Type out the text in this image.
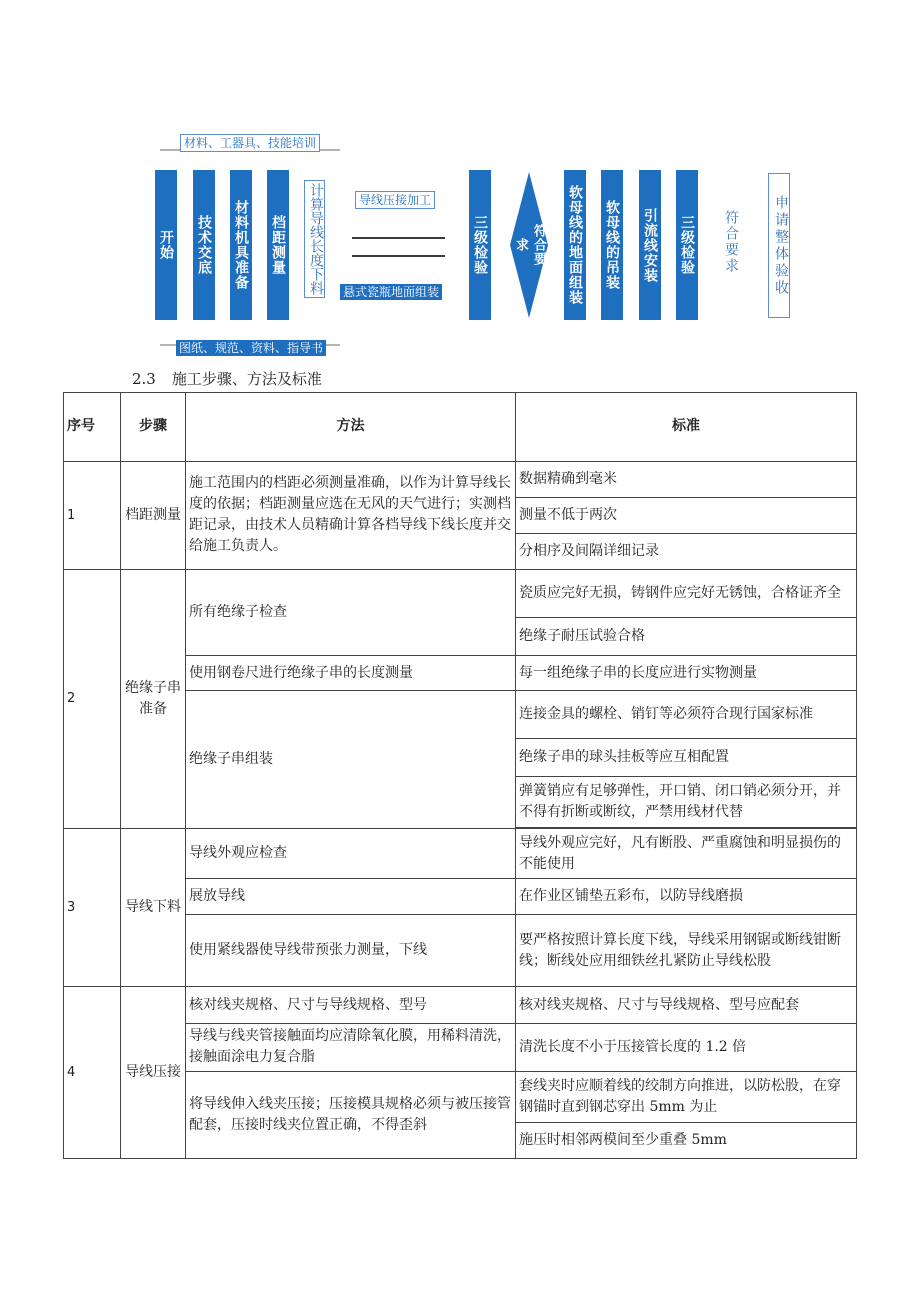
材料、工器具、技能培训
图纸、规范、资料、指导书
开始 技术交底 材料机具准备 档距测量 计算导线长度下料	导线压接加工
悬式瓷瓶地面组装
三级检验	符合要求	软母线的地面组装 软母线的吊装 引流线安装 三级检验 符合要求	申请整体验收
2.3 施工步骤、方法及标准
序号	步骤	方法	标准
1	档距测量	施工范围内的档距必须测量准确，以作为计算导线长度的依据；档距测量应选在无风的天气进行；实测档距记录，由技术人员精确计算各档导线下线长度并交给施工负责人。	数据精确到毫米
			测量不低于两次
			分相序及间隔详细记录
2	绝缘子串准备	所有绝缘子检查	瓷质应完好无损，铸钢件应完好无锈蚀，合格证齐全
			绝缘子耐压试验合格
		使用钢卷尺进行绝缘子串的长度测量	每一组绝缘子串的长度应进行实物测量
		绝缘子串组装	连接金具的螺栓、销钉等必须符合现行国家标准
			绝缘子串的球头挂板等应互相配置
			弹簧销应有足够弹性，开口销、闭口销必须分开，并不得有折断或断纹，严禁用线材代替

3	导线下料	导线外观应检查	导线外观应完好，凡有断股、严重腐蚀和明显损伤的不能使用
		展放导线	在作业区铺垫五彩布，以防导线磨损
		使用紧线器使导线带预张力测量，下线	要严格按照计算长度下线，导线采用钢锯或断线钳断线；断线处应用细铁丝扎紧防止导线松股
4	导线压接	核对线夹规格、尺寸与导线规格、型号	核对线夹规格、尺寸与导线规格、型号应配套
		导线与线夹管接触面均应清除氧化膜，用稀料清洗，接触面涂电力复合脂	清洗长度不小于压接管长度的 1.2 倍
		将导线伸入线夹压接；压接模具规格必须与被压接管配套，压接时线夹位置正确，不得歪斜	套线夹时应顺着线的绞制方向推进，以防松股，在穿钢锚时直到钢芯穿出 5mm 为止
			施压时相邻两模间至少重叠 5mm
